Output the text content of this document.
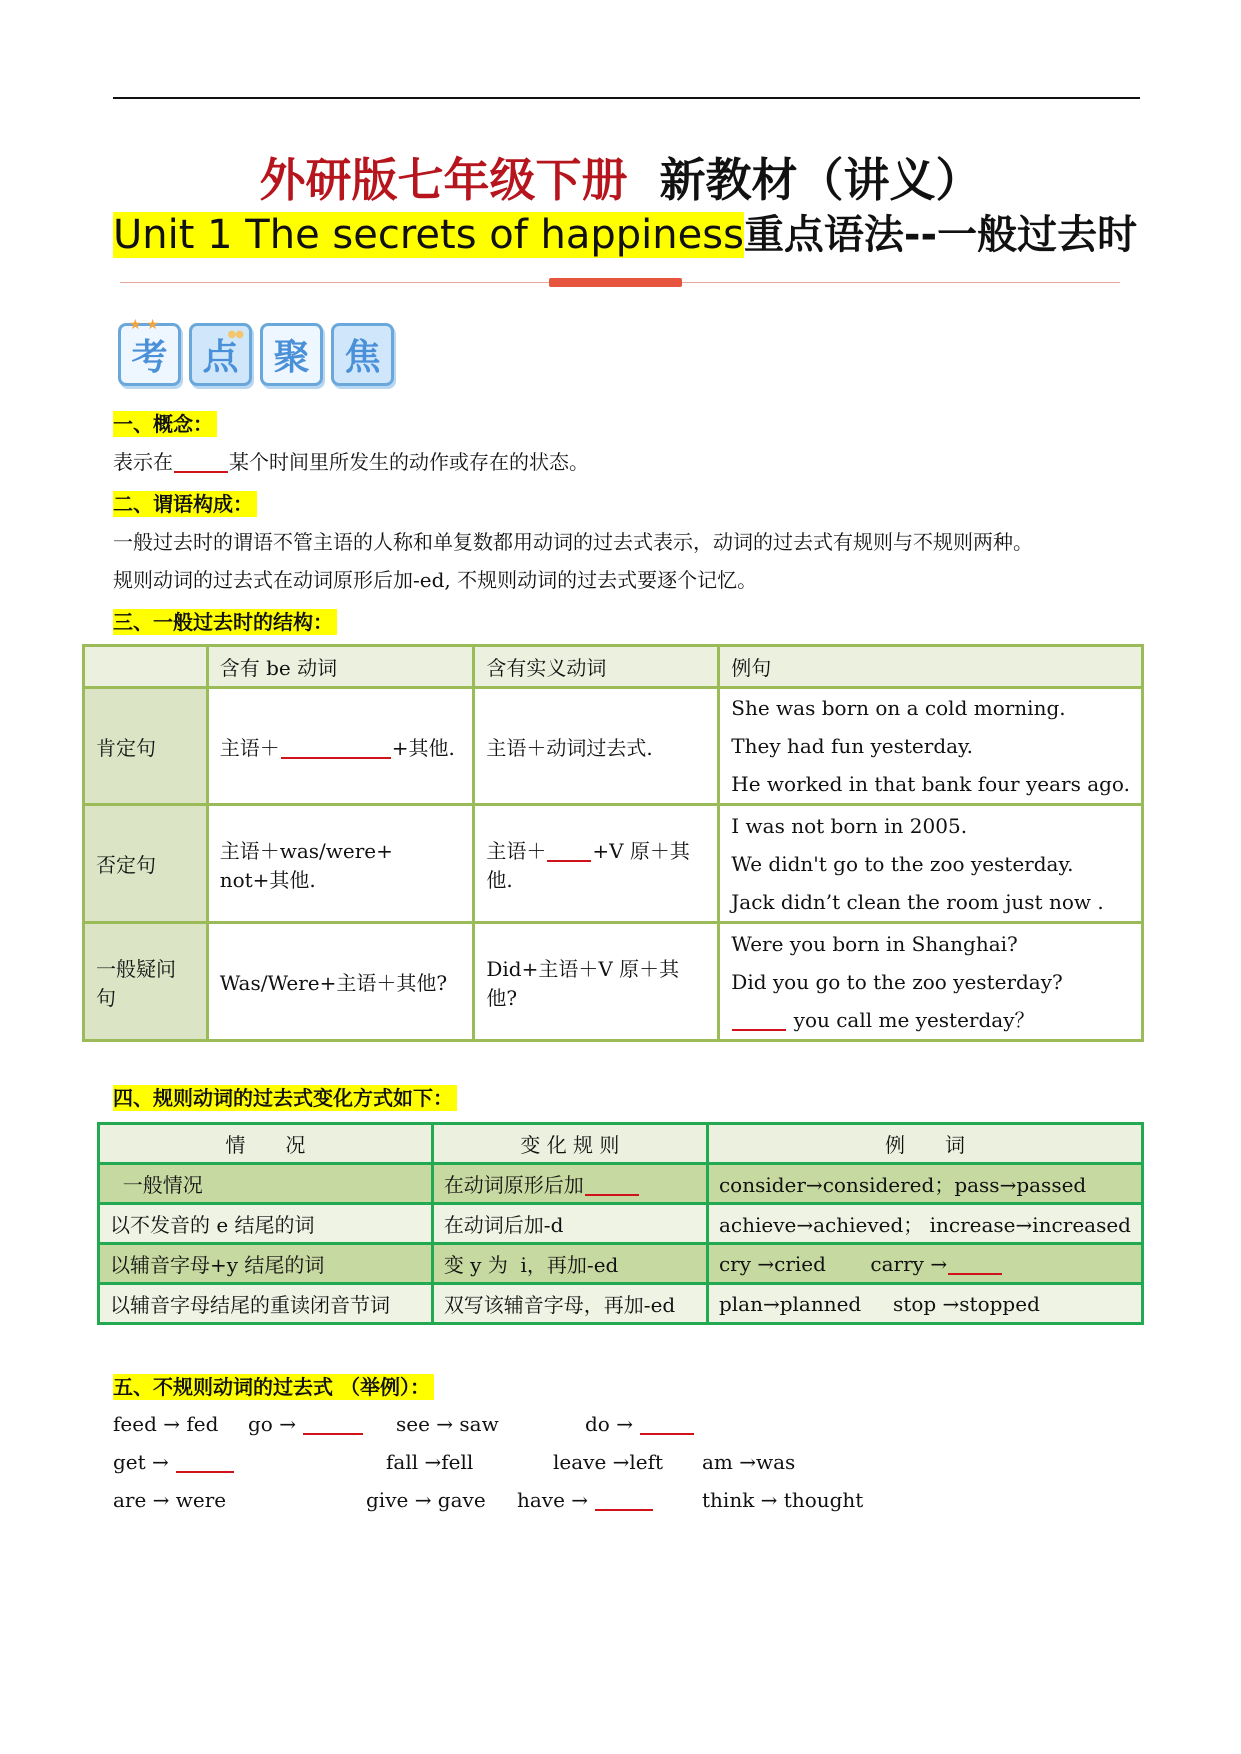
外研版七年级下册 新教材（讲义）
Unit 1 The secrets of happiness重点语法--一般过去时
★ ★
考
●●
点 聚 焦
一、概念：
表示在	某个时间里所发生的动作或存在的状态。
二、谓语构成：
一般过去时的谓语不管主语的人称和单复数都用动词的过去式表示，动词的过去式有规则与不规则两种。
规则动词的过去式在动词原形后加-ed, 不规则动词的过去式要逐个记忆。
三、一般过去时的结构：
	含有 be 动词	含有实义动词	例句
肯定句	主语＋ +其他.	主语＋动词过去式.	She was born on a cold morning.
They had fun yesterday.
He worked in that bank four years ago.

否定句	主语＋was/were+ not+其他.	主语＋ +V 原＋其他.	I was not born in 2005.
We didn't go to the zoo yesterday.
Jack didn’t clean the room just now .

一般疑问句	Was/Were+主语＋其他?	Did+主语＋V 原＋其他?	Were you born in Shanghai?
Did you go to the zoo yesterday?
you call me yesterday？
四、规则动词的过去式变化方式如下：
情　　况	变 化 规 则	例　　词
一般情况	在动词原形后加	consider→considered；pass→passed
以不发音的 e 结尾的词	在动词后加-d	achieve→achieved； increase→increased
以辅音字母+y 结尾的词	变 y 为  i，再加-ed	cry →cried       carry →
以辅音字母结尾的重读闭音节词	双写该辅音字母，再加-ed	plan→planned     stop →stopped
五、不规则动词的过去式 （举例）：
feed → fed go →	see → saw	do →
get →	fall →fell	leave →left am →was
are → were	give → gave have →	think → thought
